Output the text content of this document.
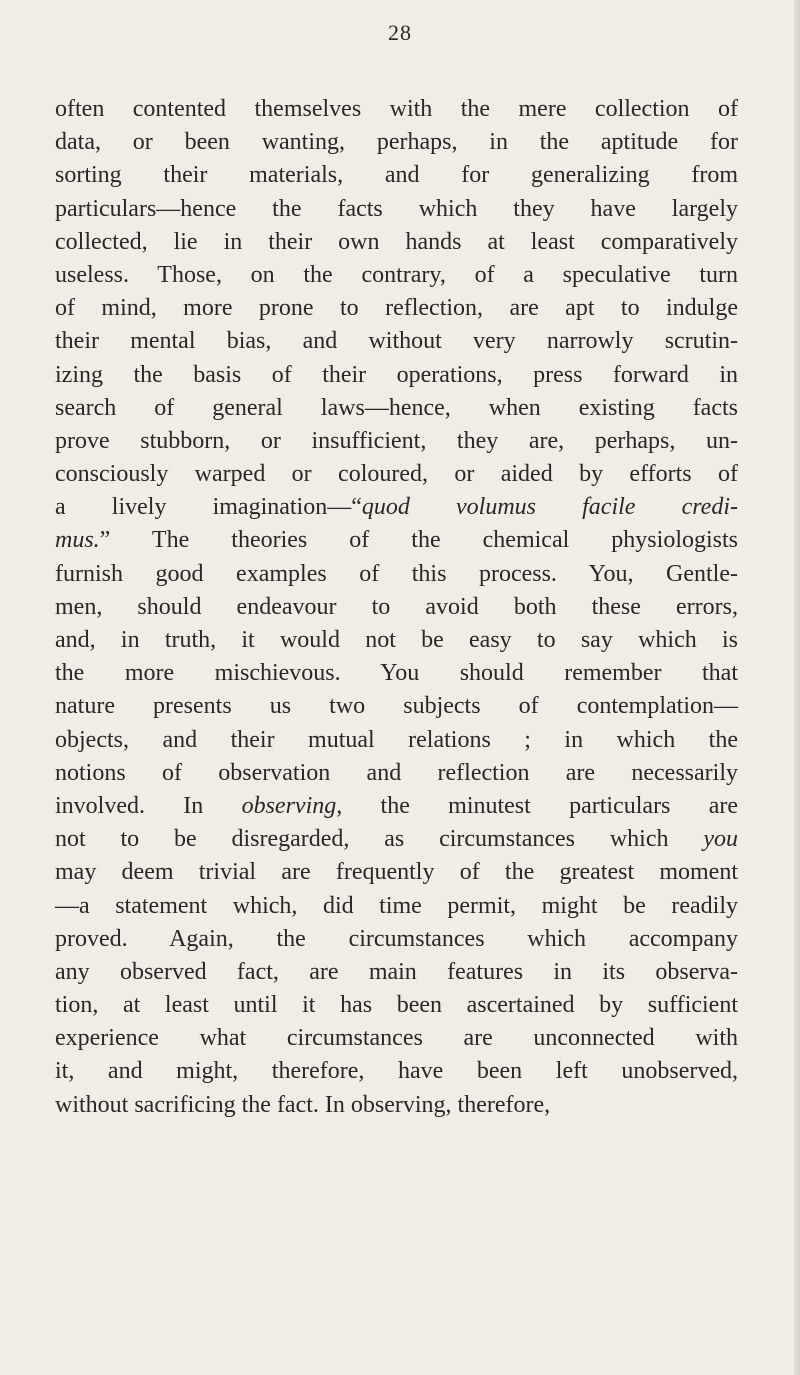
28
often contented themselves with the mere collection of
data, or been wanting, perhaps, in the aptitude for
sorting their materials, and for generalizing from
particulars—hence the facts which they have largely
collected, lie in their own hands at least comparatively
useless. Those, on the contrary, of a speculative turn
of mind, more prone to reflection, are apt to indulge
their mental bias, and without very narrowly scrutin-
izing the basis of their operations, press forward in
search of general laws—hence, when existing facts
prove stubborn, or insufficient, they are, perhaps, un-
consciously warped or coloured, or aided by efforts of
a lively imagination—“quod volumus facile credi-
mus.” The theories of the chemical physiologists
furnish good examples of this process. You, Gentle-
men, should endeavour to avoid both these errors,
and, in truth, it would not be easy to say which is
the more mischievous. You should remember that
nature presents us two subjects of contemplation—
objects, and their mutual relations ; in which the
notions of observation and reflection are necessarily
involved. In observing, the minutest particulars are
not to be disregarded, as circumstances which you
may deem trivial are frequently of the greatest moment
—a statement which, did time permit, might be readily
proved. Again, the circumstances which accompany
any observed fact, are main features in its observa-
tion, at least until it has been ascertained by sufficient
experience what circumstances are unconnected with
it, and might, therefore, have been left unobserved,
without sacrificing the fact. In observing, therefore,
